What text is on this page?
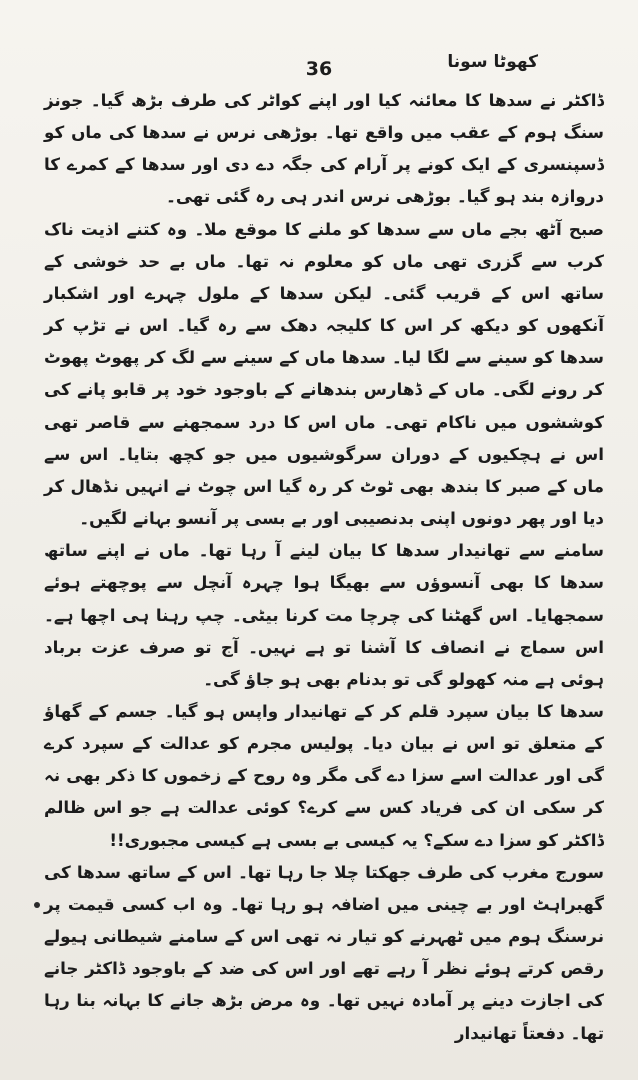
36	کھوٹا سونا

ڈاکٹر نے سدھا کا معائنہ کیا اور اپنے کواٹر کی طرف بڑھ گیا۔ جونز سنگ ہوم کے عقب میں واقع تھا۔ بوڑھی نرس نے سدھا کی ماں کو ڈسپنسری کے ایک کونے پر آرام کی جگہ دے دی اور سدھا کے کمرے کا دروازہ بند ہو گیا۔ بوڑھی نرس اندر ہی رہ گئی تھی۔

صبح آٹھ بجے ماں سے سدھا کو ملنے کا موقع ملا۔ وہ کتنے اذیت ناک کرب سے گزری تھی ماں کو معلوم نہ تھا۔ ماں بے حد خوشی کے ساتھ اس کے قریب گئی۔ لیکن سدھا کے ملول چہرے اور اشکبار آنکھوں کو دیکھ کر اس کا کلیجہ دھک سے رہ گیا۔ اس نے تڑپ کر سدھا کو سینے سے لگا لیا۔ سدھا ماں کے سینے سے لگ کر پھوٹ پھوٹ کر رونے لگی۔ ماں کے ڈھارس بندھانے کے باوجود خود پر قابو پانے کی کوششوں میں ناکام تھی۔ ماں اس کا درد سمجھنے سے قاصر تھی اس نے ہچکیوں کے دوران سرگوشیوں میں جو کچھ بتایا۔ اس سے ماں کے صبر کا بندھ بھی ٹوٹ کر رہ گیا اس چوٹ نے انہیں نڈھال کر دیا اور پھر دونوں اپنی بدنصیبی اور بے بسی پر آنسو بہانے لگیں۔

سامنے سے تھانیدار سدھا کا بیان لینے آ رہا تھا۔ ماں نے اپنے ساتھ سدھا کا بھی آنسوؤں سے بھیگا ہوا چہرہ آنچل سے پوچھتے ہوئے سمجھایا۔ اس گھٹنا کی چرچا مت کرنا بیٹی۔ چپ رہنا ہی اچھا ہے۔ اس سماج نے انصاف کا آشنا تو ہے نہیں۔ آج تو صرف عزت برباد ہوئی ہے منہ کھولو گی تو بدنام بھی ہو جاؤ گی۔

سدھا کا بیان سپرد قلم کر کے تھانیدار واپس ہو گیا۔ جسم کے گھاؤ کے متعلق تو اس نے بیان دیا۔ پولیس مجرم کو عدالت کے سپرد کرے گی اور عدالت اسے سزا دے گی مگر وہ روح کے زخموں کا ذکر بھی نہ کر سکی ان کی فریاد کس سے کرے؟ کوئی عدالت ہے جو اس ظالم ڈاکٹر کو سزا دے سکے؟ یہ کیسی بے بسی ہے کیسی مجبوری!!

سورج مغرب کی طرف جھکتا چلا جا رہا تھا۔ اس کے ساتھ سدھا کی گھبراہٹ اور بے چینی میں اضافہ ہو رہا تھا۔ وہ اب کسی قیمت پر نرسنگ ہوم میں ٹھہرنے کو تیار نہ تھی اس کے سامنے شیطانی ہیولے رقص کرتے ہوئے نظر آ رہے تھے اور اس کی ضد کے باوجود ڈاکٹر جانے کی اجازت دینے پر آمادہ نہیں تھا۔ وہ مرض بڑھ جانے کا بہانہ بنا رہا تھا۔ دفعتاً تھانیدار
